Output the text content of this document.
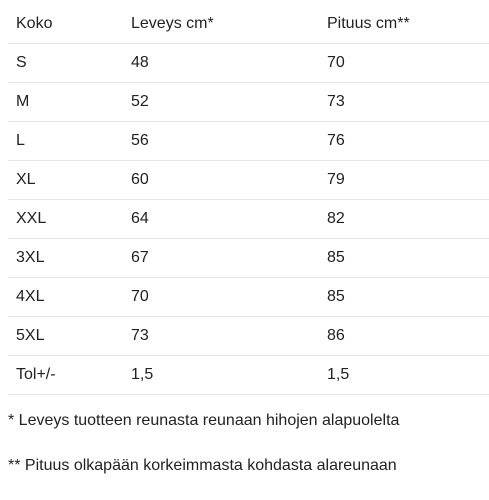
Koko	Leveys cm*	Pituus cm**
S	48	70
M	52	73
L	56	76
XL	60	79
XXL	64	82
3XL	67	85
4XL	70	85
5XL	73	86
Tol+/-	1,5	1,5
* Leveys tuotteen reunasta reunaan hihojen alapuolelta
** Pituus olkapään korkeimmasta kohdasta alareunaan
